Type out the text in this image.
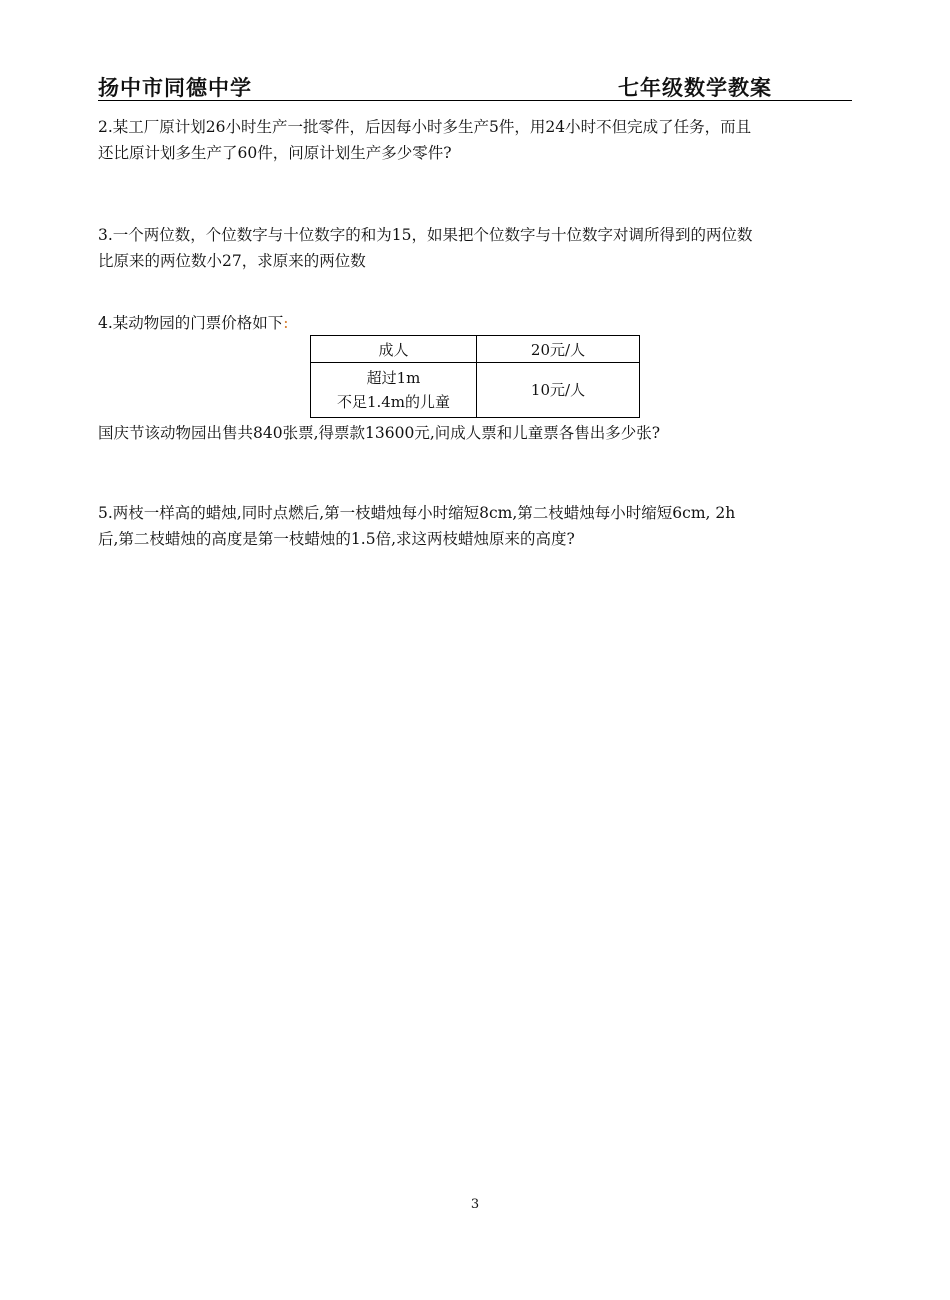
扬中市同德中学	七年级数学教案
2.某工厂原计划26小时生产一批零件，后因每小时多生产5件，用24小时不但完成了任务，而且
还比原计划多生产了60件，问原计划生产多少零件?
3.一个两位数，个位数字与十位数字的和为15，如果把个位数字与十位数字对调所得到的两位数
比原来的两位数小27，求原来的两位数
4.某动物园的门票价格如下:
成人	20元/人

超过1m
不足1.4m的儿童	10元/人
国庆节该动物园出售共840张票,得票款13600元,问成人票和儿童票各售出多少张?
5.两枝一样高的蜡烛,同时点燃后,第一枝蜡烛每小时缩短8cm,第二枝蜡烛每小时缩短6cm, 2h
后,第二枝蜡烛的高度是第一枝蜡烛的1.5倍,求这两枝蜡烛原来的高度?
3
